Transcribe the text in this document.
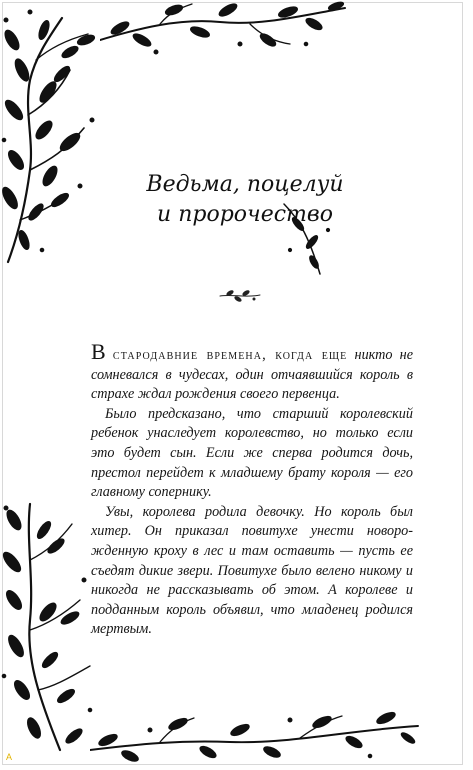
Ведьма, поцелуй
и пророчество

В стародавние времена, когда еще никто не сомневался в чудесах, один отчаявшийся король в страхе ждал рождения своего первенца.

Было предсказано, что старший королевский ребенок унаследует королевство, но только если это будет сын. Если же сперва родится дочь, престол перейдет к младшему брату короля — его главному сопернику.

Увы, королева родила девочку. Но король был хитер. Он приказал повитухе унести новорожденную кроху в лес и там оставить — пусть ее съедят дикие звери. Повитухе было велено никому и никогда не рассказывать об этом. А королеве и подданным король объявил, что младенец родился мертвым.

A
